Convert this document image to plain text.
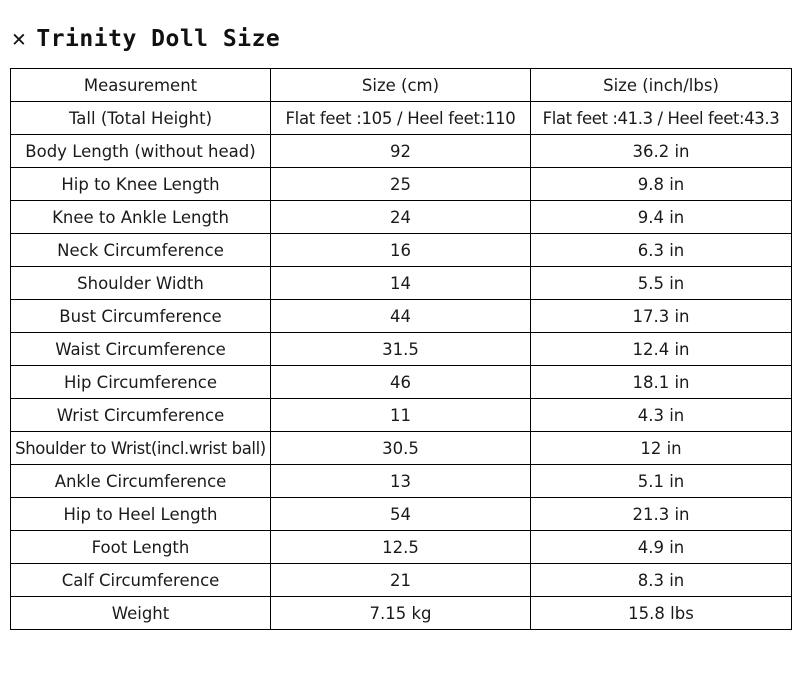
✕ Trinity Doll Size
Measurement	Size (cm)	Size (inch/lbs)
Tall (Total Height)	Flat feet :105 / Heel feet:110	Flat feet :41.3 / Heel feet:43.3
Body Length (without head)	92	36.2 in
Hip to Knee Length	25	9.8 in
Knee to Ankle Length	24	9.4 in
Neck Circumference	16	6.3 in
Shoulder Width	14	5.5 in
Bust Circumference	44	17.3 in
Waist Circumference	31.5	12.4 in
Hip Circumference	46	18.1 in
Wrist Circumference	11	4.3 in
Shoulder to Wrist(incl.wrist ball)	30.5	12 in
Ankle Circumference	13	5.1 in
Hip to Heel Length	54	21.3 in
Foot Length	12.5	4.9 in
Calf Circumference	21	8.3 in
Weight	7.15 kg	15.8 lbs
